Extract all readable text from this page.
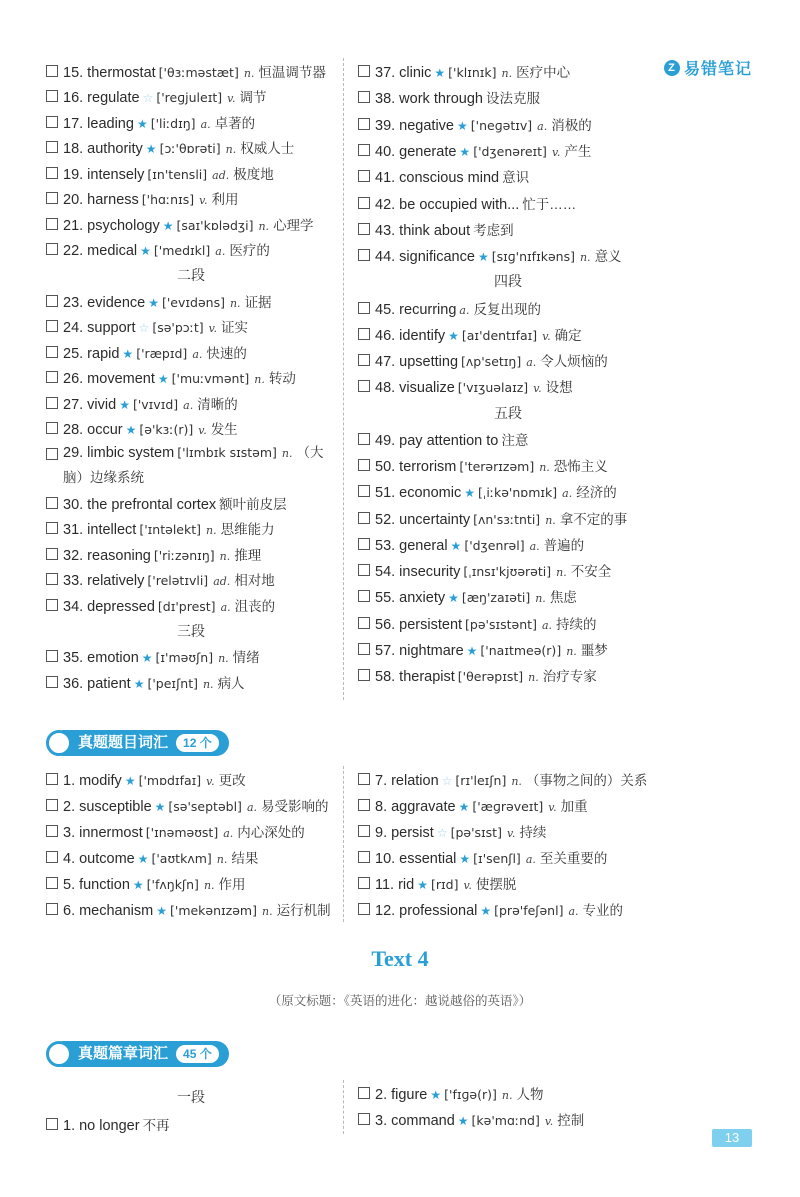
Z 易错笔记
15. thermostat ['θɜːməstæt] n. 恒温调节器
16. regulate ☆ ['reɡjuleɪt] v. 调节
17. leading ★ ['liːdɪŋ] a. 卓著的
18. authority ★ [ɔː'θɒrəti] n. 权威人士
19. intensely [ɪn'tensli] ad. 极度地
20. harness ['hɑːnɪs] v. 利用
21. psychology ★ [saɪ'kɒlədʒi] n. 心理学
22. medical ★ ['medɪkl] a. 医疗的
二段
23. evidence ★ ['evɪdəns] n. 证据
24. support ☆ [sə'pɔːt] v. 证实
25. rapid ★ ['ræpɪd] a. 快速的
26. movement ★ ['muːvmənt] n. 转动
27. vivid ★ ['vɪvɪd] a. 清晰的
28. occur ★ [ə'kɜː(r)] v. 发生
29. limbic system ['lɪmbɪk sɪstəm] n. （大脑）边缘系统
30. the prefrontal cortex 额叶前皮层
31. intellect ['ɪntəlekt] n. 思维能力
32. reasoning ['riːzənɪŋ] n. 推理
33. relatively ['relətɪvli] ad. 相对地
34. depressed [dɪ'prest] a. 沮丧的
三段
35. emotion ★ [ɪ'məʊʃn] n. 情绪
36. patient ★ ['peɪʃnt] n. 病人
37. clinic ★ ['klɪnɪk] n. 医疗中心
38. work through 设法克服
39. negative ★ ['neɡətɪv] a. 消极的
40. generate ★ ['dʒenəreɪt] v. 产生
41. conscious mind 意识
42. be occupied with... 忙于……
43. think about 考虑到
44. significance ★ [sɪɡ'nɪfɪkəns] n. 意义
四段
45. recurring a. 反复出现的
46. identify ★ [aɪ'dentɪfaɪ] v. 确定
47. upsetting [ʌp'setɪŋ] a. 令人烦恼的
48. visualize ['vɪʒuəlaɪz] v. 设想
五段
49. pay attention to 注意
50. terrorism ['terərɪzəm] n. 恐怖主义
51. economic ★ [ˌiːkə'nɒmɪk] a. 经济的
52. uncertainty [ʌn'sɜːtnti] n. 拿不定的事
53. general ★ ['dʒenrəl] a. 普遍的
54. insecurity [ˌɪnsɪ'kjʊərəti] n. 不安全
55. anxiety ★ [æŋ'zaɪəti] n. 焦虑
56. persistent [pə'sɪstənt] a. 持续的
57. nightmare ★ ['naɪtmeə(r)] n. 噩梦
58. therapist ['θerəpɪst] n. 治疗专家
真题题目词汇	12 个
1. modify ★ ['mɒdɪfaɪ] v. 更改
2. susceptible ★ [sə'septəbl] a. 易受影响的
3. innermost ['ɪnəməʊst] a. 内心深处的
4. outcome ★ ['aʊtkʌm] n. 结果
5. function ★ ['fʌŋkʃn] n. 作用
6. mechanism ★ ['mekənɪzəm] n. 运行机制
7. relation ☆ [rɪ'leɪʃn] n. （事物之间的）关系
8. aggravate ★ ['æɡrəveɪt] v. 加重
9. persist ☆ [pə'sɪst] v. 持续
10. essential ★ [ɪ'senʃl] a. 至关重要的
11. rid ★ [rɪd] v. 使摆脱
12. professional ★ [prə'feʃənl] a. 专业的
Text 4
（原文标题：《英语的进化：越说越俗的英语》）
真题篇章词汇	45 个
一段
1. no longer 不再
2. figure ★ ['fɪɡə(r)] n. 人物
3. command ★ [kə'mɑːnd] v. 控制
13
